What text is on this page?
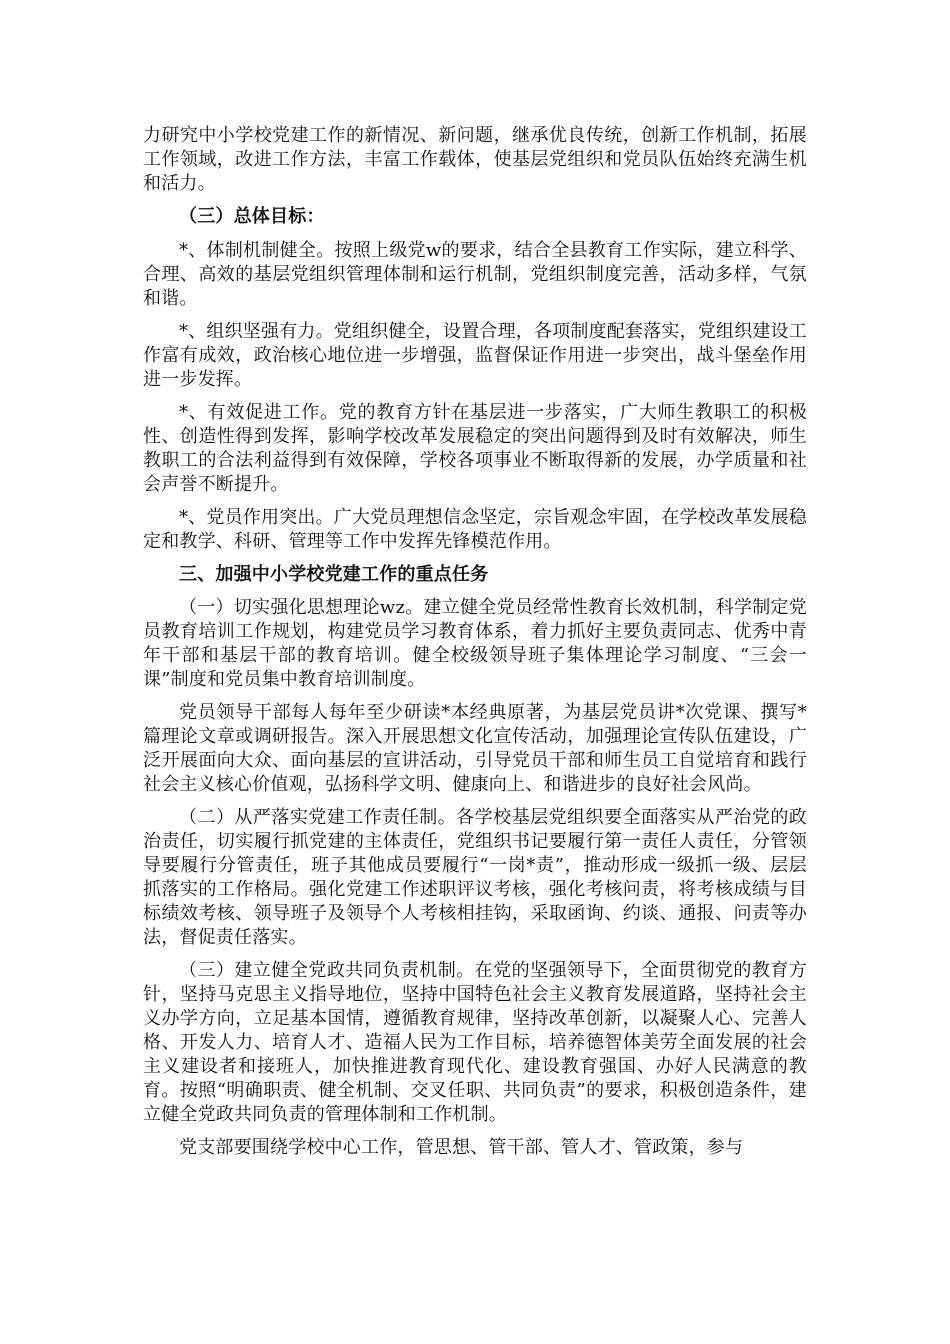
力研究中小学校党建工作的新情况、新问题，继承优良传统，创新工作机制，拓展工作领域，改进工作方法，丰富工作载体，使基层党组织和党员队伍始终充满生机和活力。

（三）总体目标：

*、体制机制健全。按照上级党w的要求，结合全县教育工作实际，建立科学、合理、高效的基层党组织管理体制和运行机制，党组织制度完善，活动多样，气氛和谐。

*、组织坚强有力。党组织健全，设置合理，各项制度配套落实，党组织建设工作富有成效，政治核心地位进一步增强，监督保证作用进一步突出，战斗堡垒作用进一步发挥。

*、有效促进工作。党的教育方针在基层进一步落实，广大师生教职工的积极性、创造性得到发挥，影响学校改革发展稳定的突出问题得到及时有效解决，师生教职工的合法利益得到有效保障，学校各项事业不断取得新的发展，办学质量和社会声誉不断提升。

*、党员作用突出。广大党员理想信念坚定，宗旨观念牢固，在学校改革发展稳定和教学、科研、管理等工作中发挥先锋模范作用。

三、加强中小学校党建工作的重点任务

（一）切实强化思想理论wz。建立健全党员经常性教育长效机制，科学制定党员教育培训工作规划，构建党员学习教育体系，着力抓好主要负责同志、优秀中青年干部和基层干部的教育培训。健全校级领导班子集体理论学习制度、“三会一课”制度和党员集中教育培训制度。

党员领导干部每人每年至少研读*本经典原著，为基层党员讲*次党课、撰写*篇理论文章或调研报告。深入开展思想文化宣传活动，加强理论宣传队伍建设，广泛开展面向大众、面向基层的宣讲活动，引导党员干部和师生员工自觉培育和践行社会主义核心价值观，弘扬科学文明、健康向上、和谐进步的良好社会风尚。

（二）从严落实党建工作责任制。各学校基层党组织要全面落实从严治党的政治责任，切实履行抓党建的主体责任，党组织书记要履行第一责任人责任，分管领导要履行分管责任，班子其他成员要履行“一岗*责”，推动形成一级抓一级、层层抓落实的工作格局。强化党建工作述职评议考核，强化考核问责，将考核成绩与目标绩效考核、领导班子及领导个人考核相挂钩，采取函询、约谈、通报、问责等办法，督促责任落实。

（三）建立健全党政共同负责机制。在党的坚强领导下，全面贯彻党的教育方针，坚持马克思主义指导地位，坚持中国特色社会主义教育发展道路，坚持社会主义办学方向，立足基本国情，遵循教育规律，坚持改革创新，以凝聚人心、完善人格、开发人力、培育人才、造福人民为工作目标，培养德智体美劳全面发展的社会主义建设者和接班人，加快推进教育现代化、建设教育强国、办好人民满意的教育。按照“明确职责、健全机制、交叉任职、共同负责”的要求，积极创造条件，建立健全党政共同负责的管理体制和工作机制。

党支部要围绕学校中心工作，管思想、管干部、管人才、管政策，参与
